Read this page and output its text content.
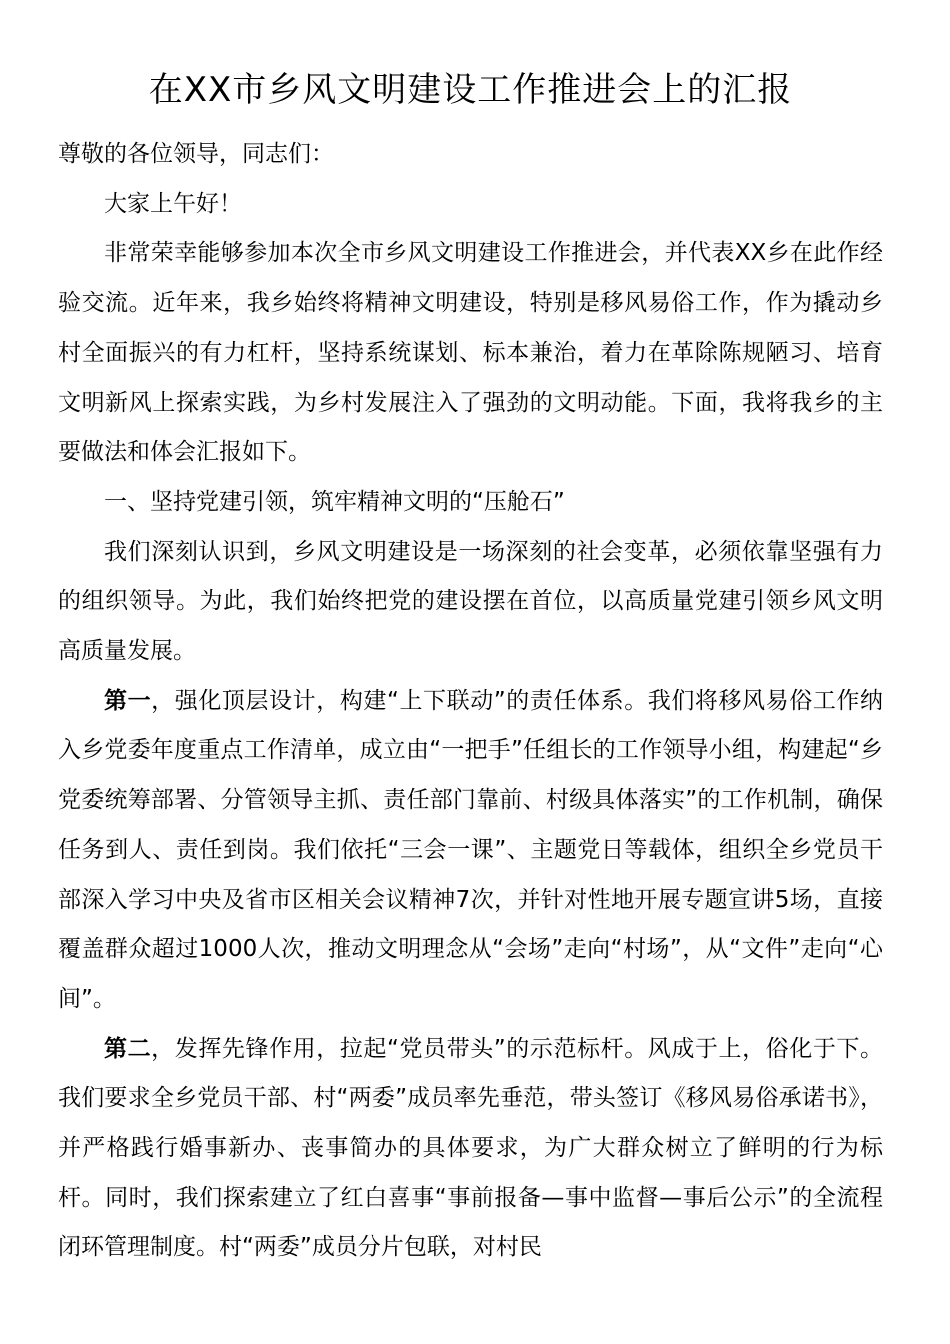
在XX市乡风文明建设工作推进会上的汇报

尊敬的各位领导，同志们：

大家上午好！

非常荣幸能够参加本次全市乡风文明建设工作推进会，并代表XX乡在此作经验交流。近年来，我乡始终将精神文明建设，特别是移风易俗工作，作为撬动乡村全面振兴的有力杠杆，坚持系统谋划、标本兼治，着力在革除陈规陋习、培育文明新风上探索实践，为乡村发展注入了强劲的文明动能。下面，我将我乡的主要做法和体会汇报如下。

一、坚持党建引领，筑牢精神文明的“压舱石”

我们深刻认识到，乡风文明建设是一场深刻的社会变革，必须依靠坚强有力的组织领导。为此，我们始终把党的建设摆在首位，以高质量党建引领乡风文明高质量发展。

第一，强化顶层设计，构建“上下联动”的责任体系。我们将移风易俗工作纳入乡党委年度重点工作清单，成立由“一把手”任组长的工作领导小组，构建起“乡党委统筹部署、分管领导主抓、责任部门靠前、村级具体落实”的工作机制，确保任务到人、责任到岗。我们依托“三会一课”、主题党日等载体，组织全乡党员干部深入学习中央及省市区相关会议精神7次，并针对性地开展专题宣讲5场，直接覆盖群众超过1000人次，推动文明理念从“会场”走向“村场”，从“文件”走向“心间”。

第二，发挥先锋作用，拉起“党员带头”的示范标杆。风成于上，俗化于下。我们要求全乡党员干部、村“两委”成员率先垂范，带头签订《移风易俗承诺书》，并严格践行婚事新办、丧事简办的具体要求，为广大群众树立了鲜明的行为标杆。同时，我们探索建立了红白喜事“事前报备—事中监督—事后公示”的全流程闭环管理制度。村“两委”成员分片包联，对村民
